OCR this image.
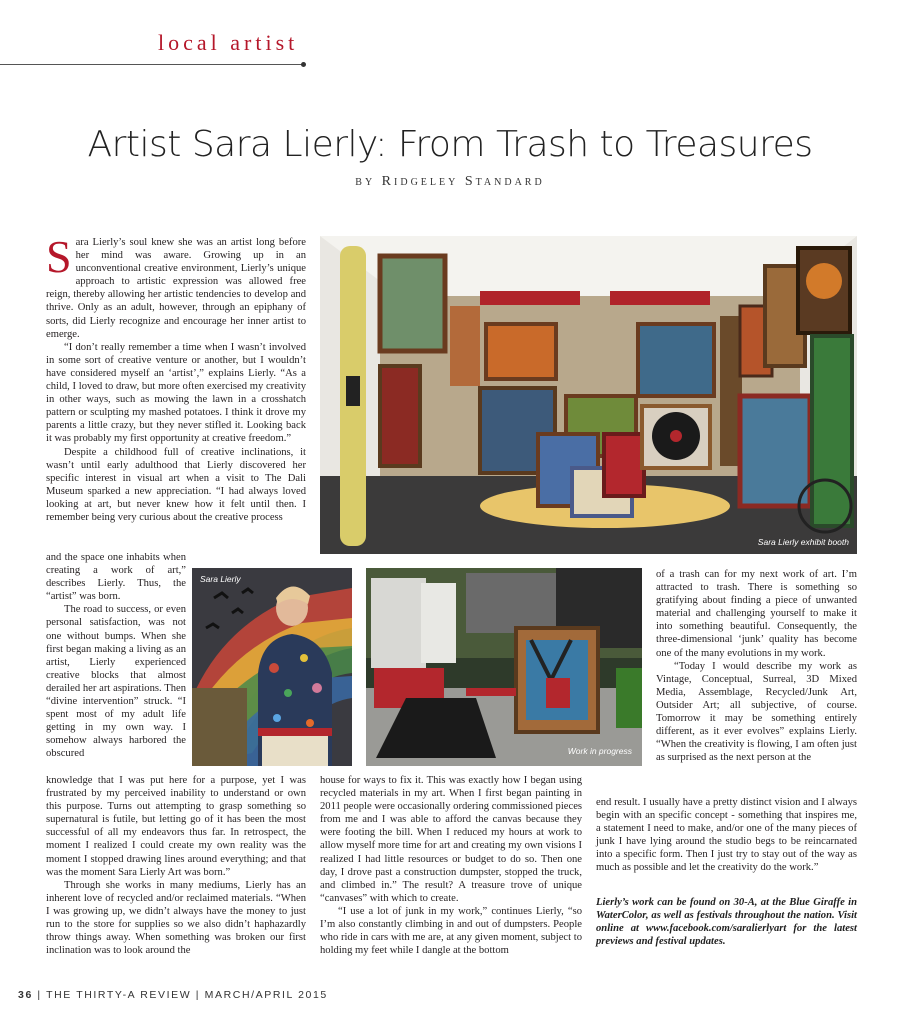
local artist
Artist Sara Lierly: From Trash to Treasures
by Ridgeley Standard

Sara Lierly’s soul knew she was an artist long before her mind was aware. Growing up in an unconventional creative environment, Lierly’s unique approach to artistic expression was allowed free reign, thereby allowing her artistic tendencies to develop and thrive. Only as an adult, however, through an epiphany of sorts, did Lierly recognize and encourage her inner artist to emerge.

“I don’t really remember a time when I wasn’t involved in some sort of creative venture or another, but I wouldn’t have considered myself an ‘artist’,” explains Lierly. “As a child, I loved to draw, but more often exercised my creativity in other ways, such as mowing the lawn in a crosshatch pattern or sculpting my mashed potatoes. I think it drove my parents a little crazy, but they never stifled it. Looking back it was probably my first opportunity at creative freedom.”

Despite a childhood full of creative inclinations, it wasn’t until early adulthood that Lierly discovered her specific interest in visual art when a visit to The Dali Museum sparked a new appreciation. “I had always loved looking at art, but never knew how it felt until then. I remember being very curious about the creative process

and the space one inhabits when creating a work of art,” describes Lierly. Thus, the “artist” was born.

The road to success, or even personal satisfaction, was not one without bumps. When she first began making a living as an artist, Lierly experienced creative blocks that almost derailed her art aspirations. Then “divine intervention” struck. “I spent most of my adult life getting in my own way. I somehow always harbored the obscured

knowledge that I was put here for a purpose, yet I was frustrated by my perceived inability to understand or own this purpose. Turns out attempting to grasp something so supernatural is futile, but letting go of it has been the most successful of all my endeavors thus far. In retrospect, the moment I realized I could create my own reality was the moment I stopped drawing lines around everything; and that was the moment Sara Lierly Art was born.”

Through she works in many mediums, Lierly has an inherent love of recycled and/or reclaimed materials. “When I was growing up, we didn’t always have the money to just run to the store for supplies so we also didn’t haphazardly throw things away. When something was broken our first inclination was to look around the

house for ways to fix it. This was exactly how I began using recycled materials in my art. When I first began painting in 2011 people were occasionally ordering commissioned pieces from me and I was able to afford the canvas because they were footing the bill. When I reduced my hours at work to allow myself more time for art and creating my own visions I realized I had little resources or budget to do so. Then one day, I drove past a construction dumpster, stopped the truck, and climbed in.” The result? A treasure trove of unique “canvases” with which to create.

“I use a lot of junk in my work,” continues Lierly, “so I’m also constantly climbing in and out of dumpsters. People who ride in cars with me are, at any given moment, subject to holding my feet while I dangle at the bottom

of a trash can for my next work of art. I’m attracted to trash. There is something so gratifying about finding a piece of unwanted material and challenging yourself to make it into something beautiful. Consequently, the three-dimensional ‘junk’ quality has become one of the many evolutions in my work.

“Today I would describe my work as Vintage, Conceptual, Surreal, 3D Mixed Media, Assemblage, Recycled/Junk Art, Outsider Art; all subjective, of course. Tomorrow it may be something entirely different, as it ever evolves” explains Lierly. “When the creativity is flowing, I am often just as surprised as the next person at the

end result. I usually have a pretty distinct vision and I always begin with an specific concept - something that inspires me, a statement I need to make, and/or one of the many pieces of junk I have lying around the studio begs to be reincarnated into a specific form. Then I just try to stay out of the way as much as possible and let the creativity do the work.”

Lierly’s work can be found on 30-A, at the Blue Giraffe in WaterColor, as well as festivals throughout the nation. Visit online at www.facebook.com/saralierlyart for the latest previews and festival updates.
Sara Lierly exhibit booth
Sara Lierly
Work in progress
36 | THE THIRTY-A REVIEW | MARCH/APRIL 2015
